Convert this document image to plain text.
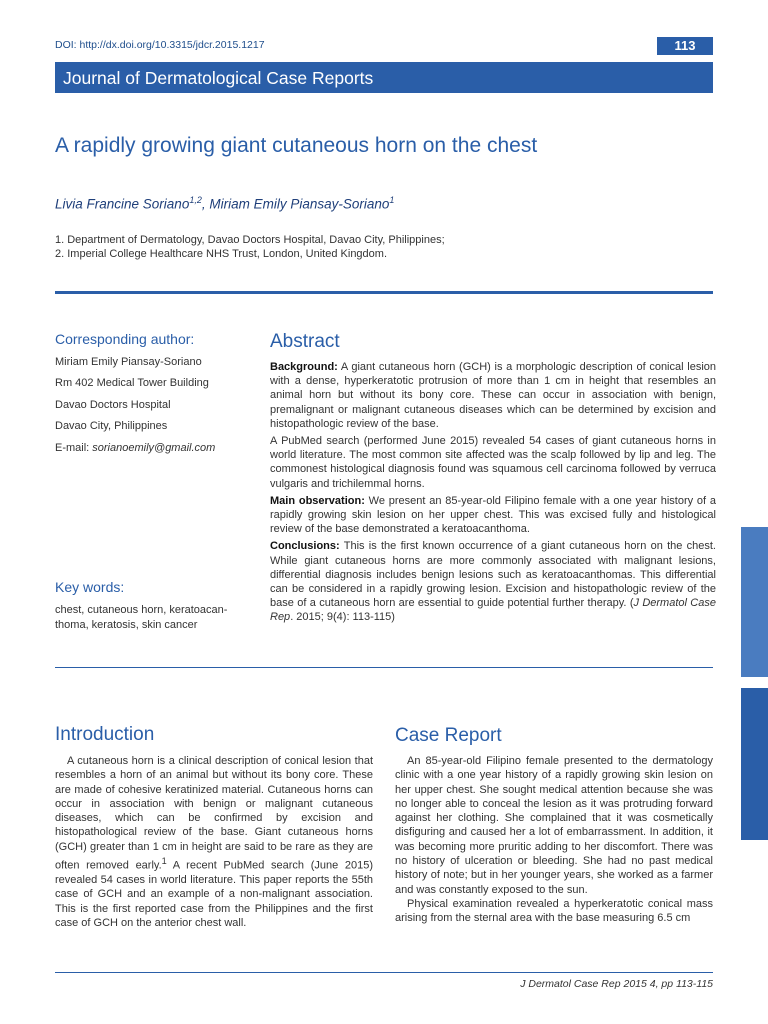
DOI: http://dx.doi.org/10.3315/jdcr.2015.1217	113
Journal of Dermatological Case Reports
A rapidly growing giant cutaneous horn on the chest
Livia Francine Soriano$^{1,2}$, Miriam Emily Piansay-Soriano$^1$
1. Department of Dermatology, Davao Doctors Hospital, Davao City, Philippines;
2. Imperial College Healthcare NHS Trust, London, United Kingdom.
Corresponding author:
Miriam Emily Piansay-Soriano
Rm 402 Medical Tower Building
Davao Doctors Hospital
Davao City, Philippines
E-mail: sorianoemily@gmail.com
Key words:
chest, cutaneous horn, keratoacan-thoma, keratosis, skin cancer
Abstract

Background: A giant cutaneous horn (GCH) is a morphologic description of conical lesion with a dense, hyperkeratotic protrusion of more than 1 cm in height that resembles an animal horn but without its bony core. These can occur in association with benign, premalignant or malignant cutaneous diseases which can be determined by excision and histopathologic review of the base.

A PubMed search (performed June 2015) revealed 54 cases of giant cutaneous horns in world literature. The most common site affected was the scalp followed by lip and leg. The commonest histological diagnosis found was squamous cell carcinoma followed by verruca vulgaris and trichilemmal horns.

Main observation: We present an 85-year-old Filipino female with a one year history of a rapidly growing skin lesion on her upper chest. This was excised fully and histological review of the base demonstrated a keratoacanthoma.

Conclusions: This is the first known occurrence of a giant cutaneous horn on the chest. While giant cutaneous horns are more commonly associated with malignant lesions, differential diagnosis includes benign lesions such as keratoacanthomas. This differential can be considered in a rapidly growing lesion. Excision and histopathologic review of the base of a cutaneous horn are essential to guide potential further therapy. (J Dermatol Case Rep. 2015; 9(4): 113-115)

Introduction

A cutaneous horn is a clinical description of conical lesion that resembles a horn of an animal but without its bony core. These are made of cohesive keratinized material. Cutaneous horns can occur in association with benign or malignant cutaneous diseases, which can be confirmed by excision and histopathological review of the base. Giant cutaneous horns (GCH) greater than 1 cm in height are said to be rare as they are often removed early.$^1$ A recent PubMed search (June 2015) revealed 54 cases in world literature. This paper reports the 55th case of GCH and an example of a non-malignant association. This is the first reported case from the Philippines and the first case of GCH on the anterior chest wall.

Case Report

An 85-year-old Filipino female presented to the dermatology clinic with a one year history of a rapidly growing skin lesion on her upper chest. She sought medical attention because she was no longer able to conceal the lesion as it was protruding forward against her clothing. She complained that it was cosmetically disfiguring and caused her a lot of embarrassment. In addition, it was becoming more pruritic adding to her discomfort. There was no history of ulceration or bleeding. She had no past medical history of note; but in her younger years, she worked as a farmer and was constantly exposed to the sun.

Physical examination revealed a hyperkeratotic conical mass arising from the sternal area with the base measuring 6.5 cm

J Dermatol Case Rep 2015 4, pp 113-115
